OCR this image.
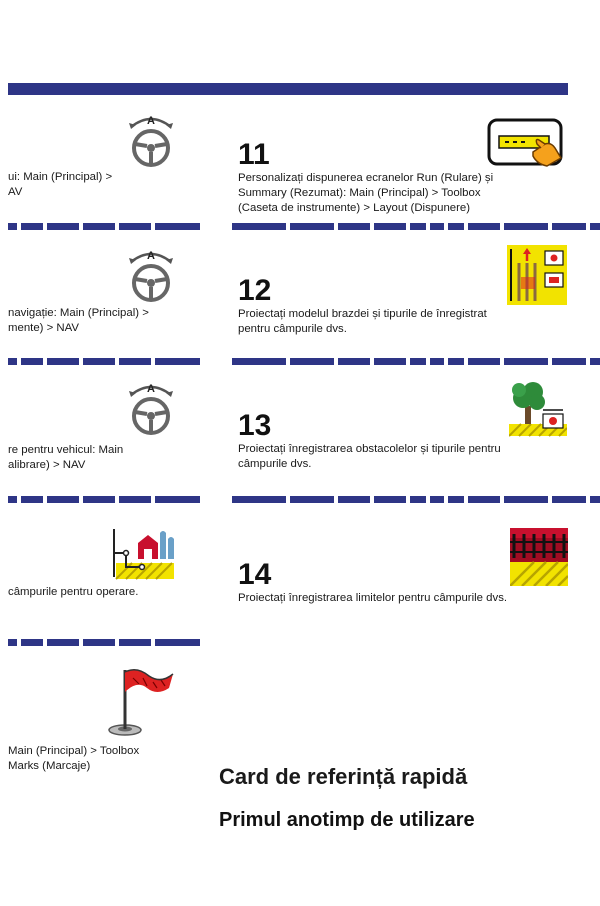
A
A
A
ui: Main (Principal) >
AV
navigație: Main (Principal) >
mente) > NAV
re pentru vehicul: Main
alibrare) > NAV
câmpurile pentru operare.
Main (Principal) > Toolbox
Marks (Marcaje)
11
Personalizați dispunerea ecranelor Run (Rulare) și
Summary (Rezumat): Main (Principal) > Toolbox
(Caseta de instrumente) > Layout (Dispunere)
12
Proiectați modelul brazdei și tipurile de înregistrat
pentru câmpurile dvs.
13
Proiectați înregistrarea obstacolelor și tipurile pentru
câmpurile dvs.
14
Proiectați înregistrarea limitelor pentru câmpurile dvs.
Card de referință rapidă
Primul anotimp de utilizare
